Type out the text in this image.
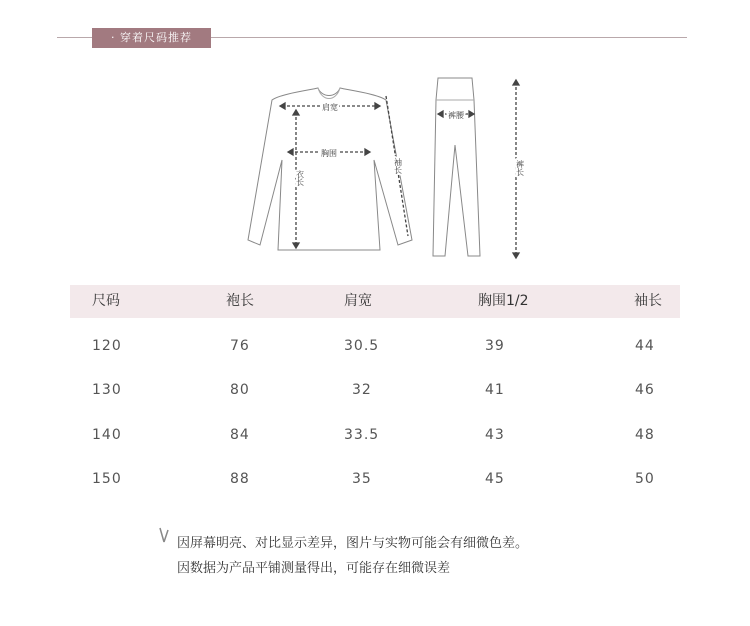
· 穿着尺码推荐
肩宽
胸围
衣长
袖长
裤腰
裤长
尺码	袍长	肩宽	胸围1/2	袖长
120	76	30.5	39	44
130	80	32	41	46
140	84	33.5	43	48
150	88	35	45	50
因屏幕明亮、对比显示差异，图片与实物可能会有细微色差。
因数据为产品平铺测量得出，可能存在细微误差
